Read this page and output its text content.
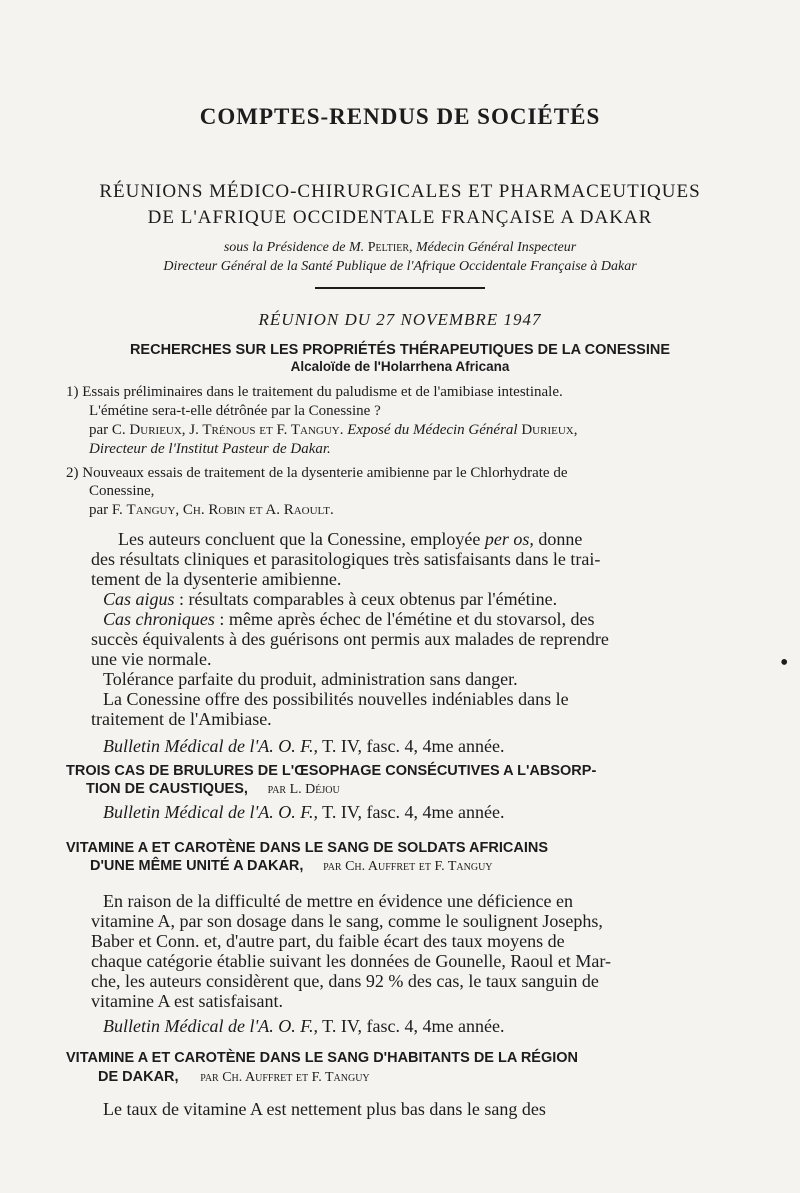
COMPTES-RENDUS DE SOCIÉTÉS
RÉUNIONS MÉDICO-CHIRURGICALES ET PHARMACEUTIQUES
DE L'AFRIQUE OCCIDENTALE FRANÇAISE A DAKAR
sous la Présidence de M. Peltier, Médecin Général Inspecteur
Directeur Général de la Santé Publique de l'Afrique Occidentale Française à Dakar
RÉUNION DU 27 NOVEMBRE 1947
RECHERCHES SUR LES PROPRIÉTÉS THÉRAPEUTIQUES DE LA CONESSINE
Alcaloïde de l'Holarrhena Africana
1) Essais préliminaires dans le traitement du paludisme et de l'amibiase intestinale.
L'émétine sera-t-elle détrônée par la Conessine ?
par C. Durieux, J. Trénous et F. Tanguy. Exposé du Médecin Général Durieux,
Directeur de l'Institut Pasteur de Dakar.
2) Nouveaux essais de traitement de la dysenterie amibienne par le Chlorhydrate de
Conessine,
par F. Tanguy, Ch. Robin et A. Raoult.
Les auteurs concluent que la Conessine, employée per os, donne
des résultats cliniques et parasitologiques très satisfaisants dans le trai-
tement de la dysenterie amibienne.
Cas aigus : résultats comparables à ceux obtenus par l'émétine.
Cas chroniques : même après échec de l'émétine et du stovarsol, des
succès équivalents à des guérisons ont permis aux malades de reprendre
une vie normale.
Tolérance parfaite du produit, administration sans danger.
La Conessine offre des possibilités nouvelles indéniables dans le
traitement de l'Amibiase.
Bulletin Médical de l'A. O. F., T. IV, fasc. 4, 4me année.
•
TROIS CAS DE BRULURES DE L'ŒSOPHAGE CONSÉCUTIVES A L'ABSORP-
TION DE CAUSTIQUES, par L. Déjou
Bulletin Médical de l'A. O. F., T. IV, fasc. 4, 4me année.
VITAMINE A ET CAROTÈNE DANS LE SANG DE SOLDATS AFRICAINS
D'UNE MÊME UNITÉ A DAKAR, par Ch. Auffret et F. Tanguy
En raison de la difficulté de mettre en évidence une déficience en
vitamine A, par son dosage dans le sang, comme le soulignent Josephs,
Baber et Conn. et, d'autre part, du faible écart des taux moyens de
chaque catégorie établie suivant les données de Gounelle, Raoul et Mar-
che, les auteurs considèrent que, dans 92 % des cas, le taux sanguin de
vitamine A est satisfaisant.
Bulletin Médical de l'A. O. F., T. IV, fasc. 4, 4me année.
VITAMINE A ET CAROTÈNE DANS LE SANG D'HABITANTS DE LA RÉGION
DE DAKAR, par Ch. Auffret et F. Tanguy
Le taux de vitamine A est nettement plus bas dans le sang des
